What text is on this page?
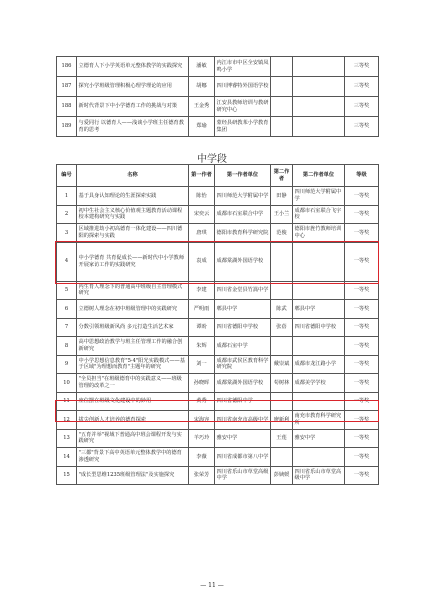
186	立德育人下小学英语单元整体教学的实践探究	潘敏	内江市市中区全安镇凤鸣小学			三等奖
187	探究小学班级管理积极心理学理论的应用	胡娜	四川博睿特外国语学校			三等奖
188	新时代背景下中小学德育工作的挑战与对策	王金秀	江安县教师培训与教研研究中心			三等奖
189	与爱同行 以德育人——浅谈小学班主任德育教育的思考	郑瑜	蒙经县研教苯小学教育集团			三等奖
中学段
编号	名称	第一作者	第一作者单位	第二作者	第二作者单位	等级
1	基于具身认知理论的生涯探索实践	陈怡	四川师范大学附属中学	田静	四川师范大学附属中学	一等奖
2	初中生社会主义核心价值观主题教育活动课程校本建构研究与实践	宋奕云	成都市石室联合中学	王小兰	成都市石室联合飞宇校	一等奖
3	区域推进劫小初高德育一体化建设——四川德阳的探索与实践	唐琪	德阳市教育科学研究院	范俊	德阳市旌竹教师培训中心	一等奖
4	中小学德育 共育促成长——新时代中小学教师开展家访工作的实践研究	袁成	成都棠湖外国语学校			一等奖
5	内生育人理念下的普通高中班级自主管理模式研究	李建	四川省金堂县竹篙中学			一等奖
6	立德树人理念在初中班级管理中的实践研究	严明雨	郫县中学	陈武	郫县中学	一等奖
7	分数引领班级新风尚 多元打造生活艺术家	谭盼	四川省德阳中学校	张蓓	四川省德阳中学校	一等奖
8	高中思想政治教学与班主任管理工作的融合创新研究	朱辉	成都石室中学			一等奖
9	中小学思想信息教育"5·4"阳光实践模式——基于区域"为理想而教育"主题年的研究	刘一	成都市武侯区教育科学研究院	戴崇斌	成都市龙江路小学	一等奖
10	"全员担当"在班级德育中的实践意义——班级管理的改革之一	孙晓晖	成都棠湖外国语学校	苟树林	成都美学学校	一等奖
11	座位摆在班级文化建设中的妙用	黄秀	四川省德阳中学			一等奖
12	拔尖创新人才培养的德育探索	宋海容	四川省南充市高级中学	廖新利	南充市教育科学研究所	一等奖
13	"五育并举"视域下普通高中班会课程开发与实践研究	羊巧玲	雅安中学	王莲	雅安中学	一等奖
14	"三都"背景下高中英语单元整体教学中的德育渗透研究	李薇	四川省成都市第八中学			一等奖
15	"成长型思维1235班级管理法"及实施探究	张荣芳	四川省乐山市草堂高级中学	彭姨媛	四川省乐山市草堂高级中学	一等奖
— 11 —
